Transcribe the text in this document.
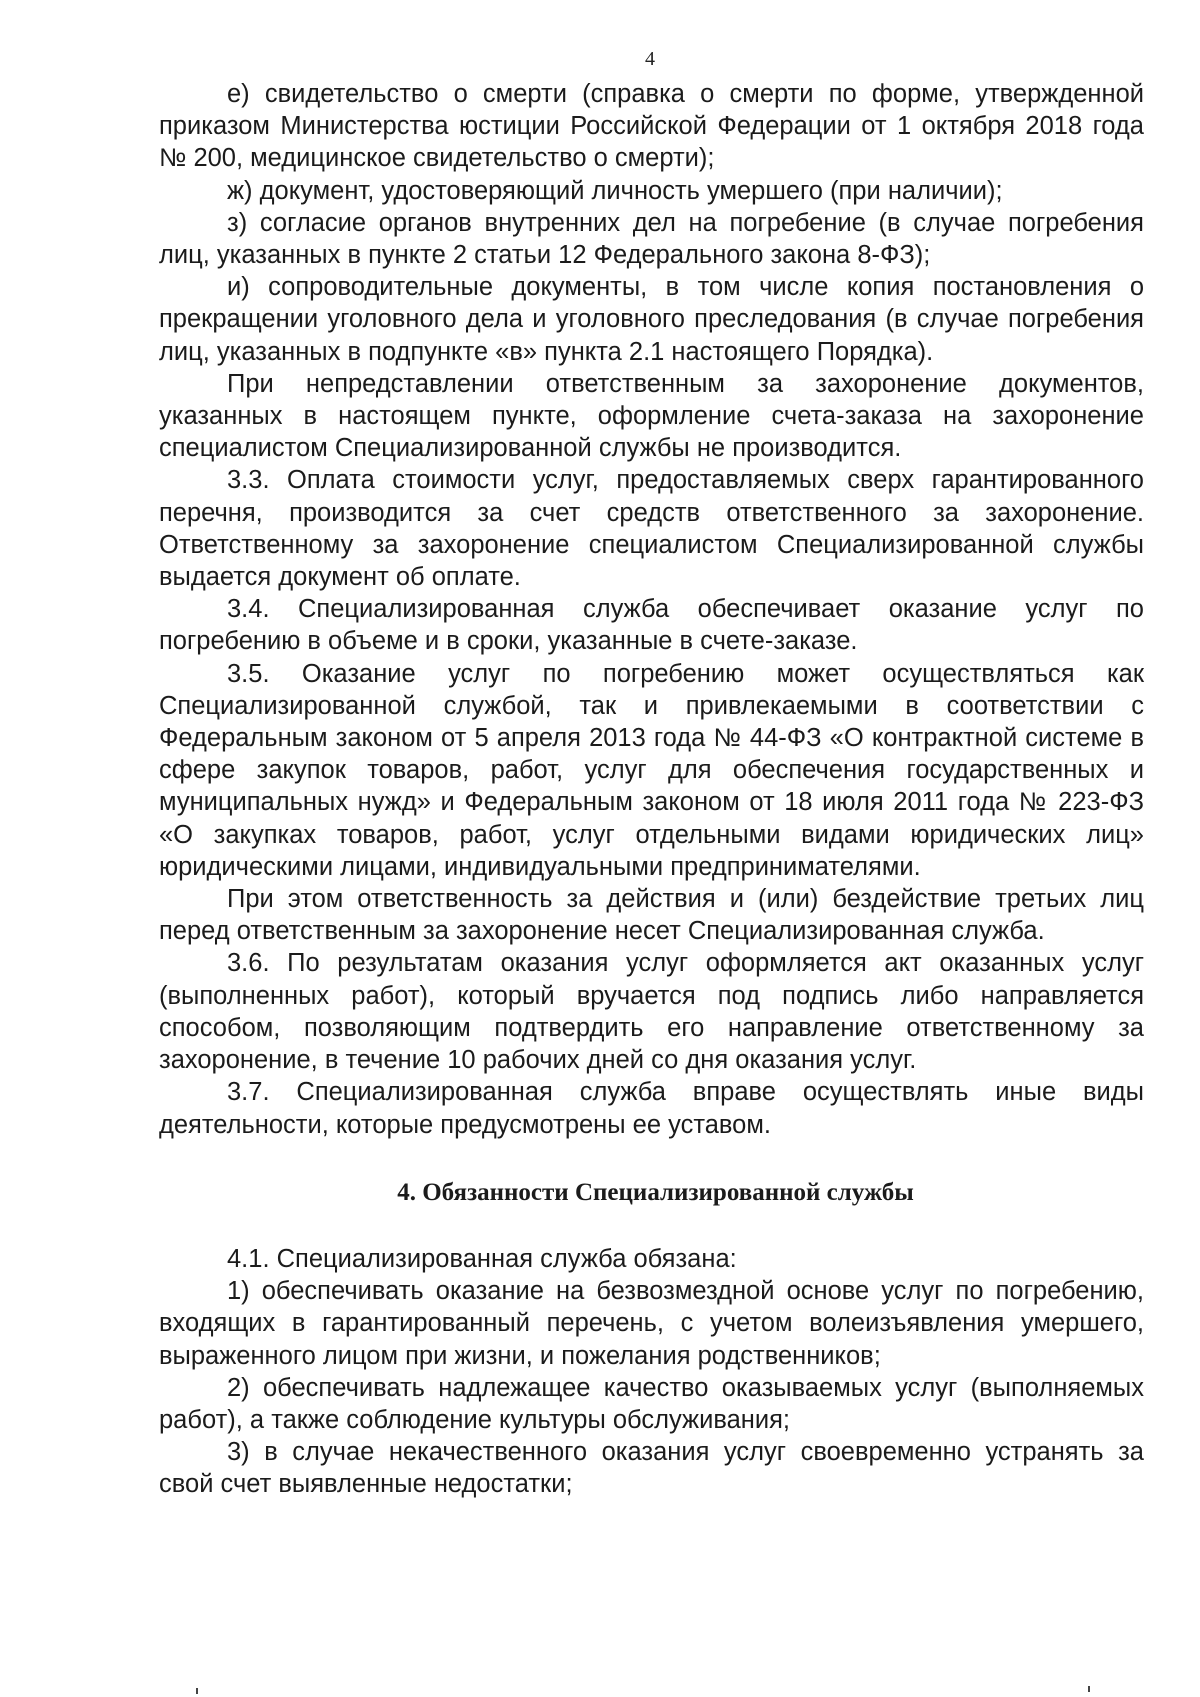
4

е) свидетельство о смерти (справка о смерти по форме, утвержденной приказом Министерства юстиции Российской Федерации от 1 октября 2018 года № 200, медицинское свидетельство о смерти);

ж) документ, удостоверяющий личность умершего (при наличии);

з) согласие органов внутренних дел на погребение (в случае погребения лиц, указанных в пункте 2 статьи 12 Федерального закона 8-ФЗ);

и) сопроводительные документы, в том числе копия постановления о прекращении уголовного дела и уголовного преследования (в случае погребения лиц, указанных в подпункте «в» пункта 2.1 настоящего Порядка).

При непредставлении ответственным за захоронение документов, указанных в настоящем пункте, оформление счета-заказа на захоронение специалистом Специализированной службы не производится.

3.3. Оплата стоимости услуг, предоставляемых сверх гарантированного перечня, производится за счет средств ответственного за захоронение. Ответственному за захоронение специалистом Специализированной службы выдается документ об оплате.

3.4. Специализированная служба обеспечивает оказание услуг по погребению в объеме и в сроки, указанные в счете-заказе.

3.5. Оказание услуг по погребению может осуществляться как Специализированной службой, так и привлекаемыми в соответствии с Федеральным законом от 5 апреля 2013 года № 44-ФЗ «О контрактной системе в сфере закупок товаров, работ, услуг для обеспечения государственных и муниципальных нужд» и Федеральным законом от 18 июля 2011 года № 223-ФЗ «О закупках товаров, работ, услуг отдельными видами юридических лиц» юридическими лицами, индивидуальными предпринимателями.

При этом ответственность за действия и (или) бездействие третьих лиц перед ответственным за захоронение несет Специализированная служба.

3.6. По результатам оказания услуг оформляется акт оказанных услуг (выполненных работ), который вручается под подпись либо направляется способом, позволяющим подтвердить его направление ответственному за захоронение, в течение 10 рабочих дней со дня оказания услуг.

3.7. Специализированная служба вправе осуществлять иные виды деятельности, которые предусмотрены ее уставом.

4. Обязанности Специализированной службы

4.1. Специализированная служба обязана:

1) обеспечивать оказание на безвозмездной основе услуг по погребению, входящих в гарантированный перечень, с учетом волеизъявления умершего, выраженного лицом при жизни, и пожелания родственников;

2) обеспечивать надлежащее качество оказываемых услуг (выполняемых работ), а также соблюдение культуры обслуживания;

3) в случае некачественного оказания услуг своевременно устранять за свой счет выявленные недостатки;
